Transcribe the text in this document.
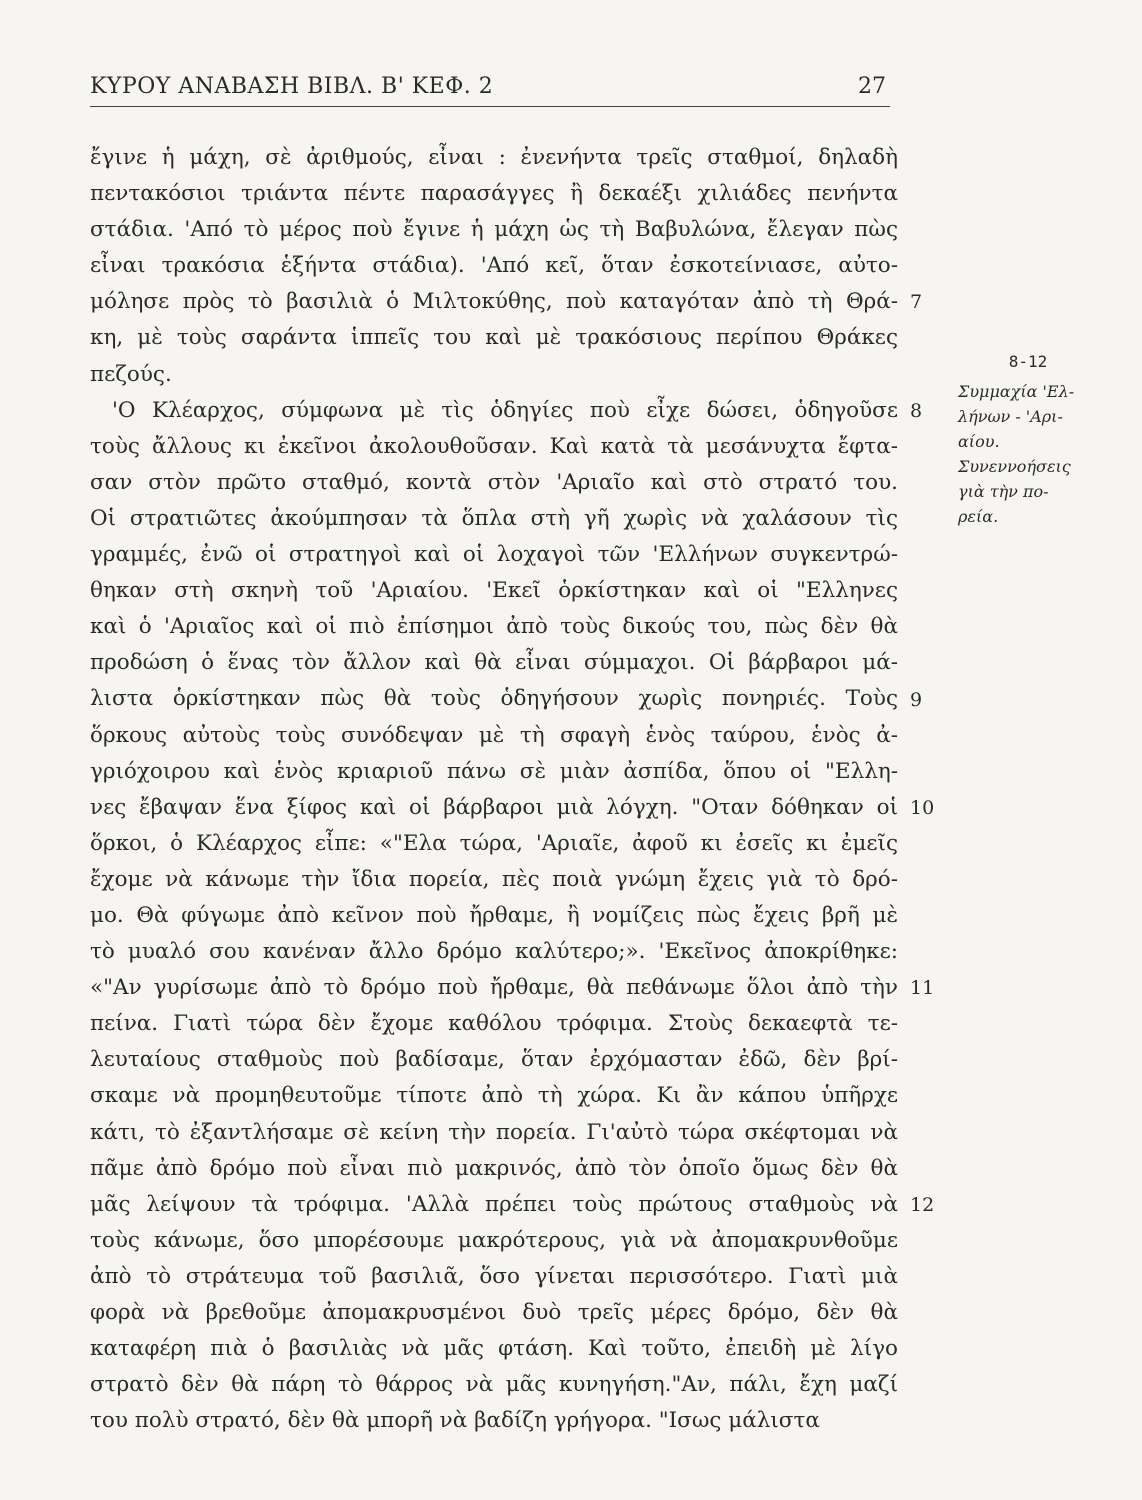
ΚΥΡΟΥ ΑΝΑΒΑΣΗ ΒΙΒΛ. Β' ΚΕΦ. 2	27
ἔγινε ἡ μάχη, σὲ ἀριθμούς, εἶναι : ἐνενήντα τρεῖς σταθμοί, δηλαδὴ
πεντακόσιοι τριάντα πέντε παρασάγγες ἢ δεκαέξι χιλιάδες πενήντα
στάδια. 'Από τὸ μέρος ποὺ ἔγινε ἡ μάχη ὡς τὴ Βαβυλώνα, ἔλεγαν πὼς
εἶναι τρακόσια ἑξήντα στάδια). 'Από κεῖ, ὅταν ἐσκοτείνιασε, αὐτο-
μόλησε πρὸς τὸ βασιλιὰ ὁ Μιλτοκύθης, ποὺ καταγόταν ἀπὸ τὴ Θρά-
κη, μὲ τοὺς σαράντα ἱππεῖς του καὶ μὲ τρακόσιους περίπου Θράκες
πεζούς.
'Ο Κλέαρχος, σύμφωνα μὲ τὶς ὁδηγίες ποὺ εἶχε δώσει, ὁδηγοῦσε
τοὺς ἄλλους κι ἐκεῖνοι ἀκολουθοῦσαν. Καὶ κατὰ τὰ μεσάνυχτα ἔφτα-
σαν στὸν πρῶτο σταθμό, κοντὰ στὸν 'Αριαῖο καὶ στὸ στρατό του.
Οἱ στρατιῶτες ἀκούμπησαν τὰ ὅπλα στὴ γῆ χωρὶς νὰ χαλάσουν τὶς
γραμμές, ἐνῶ οἱ στρατηγοὶ καὶ οἱ λοχαγοὶ τῶν 'Ελλήνων συγκεντρώ-
θηκαν στὴ σκηνὴ τοῦ 'Αριαίου. 'Εκεῖ ὁρκίστηκαν καὶ οἱ "Ελληνες
καὶ ὁ 'Αριαῖος καὶ οἱ πιὸ ἐπίσημοι ἀπὸ τοὺς δικούς του, πὼς δὲν θὰ
προδώση ὁ ἕνας τὸν ἄλλον καὶ θὰ εἶναι σύμμαχοι. Οἱ βάρβαροι μά-
λιστα ὁρκίστηκαν πὼς θὰ τοὺς ὁδηγήσουν χωρὶς πονηριές. Τοὺς
ὅρκους αὐτοὺς τοὺς συνόδεψαν μὲ τὴ σφαγὴ ἑνὸς ταύρου, ἑνὸς ἀ-
γριόχοιρου καὶ ἑνὸς κριαριοῦ πάνω σὲ μιὰν ἀσπίδα, ὅπου οἱ "Ελλη-
νες ἔβαψαν ἕνα ξίφος καὶ οἱ βάρβαροι μιὰ λόγχη. "Οταν δόθηκαν οἱ
ὅρκοι, ὁ Κλέαρχος εἶπε: «"Ελα τώρα, 'Αριαῖε, ἀφοῦ κι ἐσεῖς κι ἐμεῖς
ἔχομε νὰ κάνωμε τὴν ἴδια πορεία, πὲς ποιὰ γνώμη ἔχεις γιὰ τὸ δρό-
μο. Θὰ φύγωμε ἀπὸ κεῖνον ποὺ ἤρθαμε, ἢ νομίζεις πὼς ἔχεις βρῆ μὲ
τὸ μυαλό σου κανέναν ἄλλο δρόμο καλύτερο;». 'Εκεῖνος ἀποκρίθηκε:
«"Αν γυρίσωμε ἀπὸ τὸ δρόμο ποὺ ἤρθαμε, θὰ πεθάνωμε ὅλοι ἀπὸ τὴν
πείνα. Γιατὶ τώρα δὲν ἔχομε καθόλου τρόφιμα. Στοὺς δεκαεφτὰ τε-
λευταίους σταθμοὺς ποὺ βαδίσαμε, ὅταν ἐρχόμασταν ἐδῶ, δὲν βρί-
σκαμε νὰ προμηθευτοῦμε τίποτε ἀπὸ τὴ χώρα. Κι ἂν κάπου ὑπῆρχε
κάτι, τὸ ἐξαντλήσαμε σὲ κείνη τὴν πορεία. Γι'αὐτὸ τώρα σκέφτομαι νὰ
πᾶμε ἀπὸ δρόμο ποὺ εἶναι πιὸ μακρινός, ἀπὸ τὸν ὁποῖο ὅμως δὲν θὰ
μᾶς λείψουν τὰ τρόφιμα. 'Αλλὰ πρέπει τοὺς πρώτους σταθμοὺς νὰ
τοὺς κάνωμε, ὅσο μπορέσουμε μακρότερους, γιὰ νὰ ἀπομακρυνθοῦμε
ἀπὸ τὸ στράτευμα τοῦ βασιλιᾶ, ὅσο γίνεται περισσότερο. Γιατὶ μιὰ
φορὰ νὰ βρεθοῦμε ἀπομακρυσμένοι δυὸ τρεῖς μέρες δρόμο, δὲν θὰ
καταφέρη πιὰ ὁ βασιλιὰς νὰ μᾶς φτάση. Καὶ τοῦτο, ἐπειδὴ μὲ λίγο
στρατὸ δὲν θὰ πάρη τὸ θάρρος νὰ μᾶς κυνηγήση."Αν, πάλι, ἔχη μαζί
του πολὺ στρατό, δὲν θὰ μπορῆ νὰ βαδίζη γρήγορα. "Ισως μάλιστα
7
8
9
10
11
12
8-12
Συμμαχία 'Ελ-
λήνων - 'Αρι-
αίου.
Συνεννοήσεις
γιὰ τὴν πο-
ρεία.
